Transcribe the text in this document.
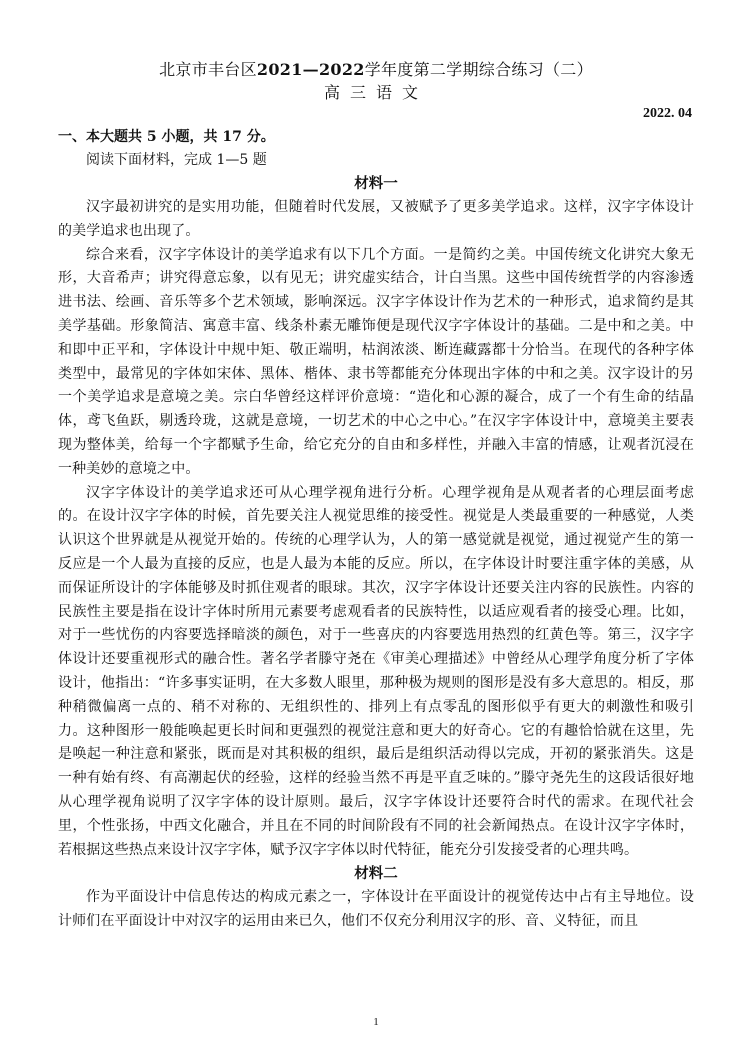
北京市丰台区2021—2022学年度第二学期综合练习（二）

高三语文

2022. 04

一、本大题共 5 小题，共 17 分。

阅读下面材料，完成 1—5 题

材料一

汉字最初讲究的是实用功能，但随着时代发展，又被赋予了更多美学追求。这样，汉字字体设计的美学追求也出现了。

综合来看，汉字字体设计的美学追求有以下几个方面。一是简约之美。中国传统文化讲究大象无形，大音希声；讲究得意忘象，以有见无；讲究虚实结合，计白当黑。这些中国传统哲学的内容渗透进书法、绘画、音乐等多个艺术领域，影响深远。汉字字体设计作为艺术的一种形式，追求简约是其美学基础。形象简洁、寓意丰富、线条朴素无雕饰便是现代汉字字体设计的基础。二是中和之美。中和即中正平和，字体设计中规中矩、敬正端明，枯润浓淡、断连藏露都十分恰当。在现代的各种字体类型中，最常见的字体如宋体、黑体、楷体、隶书等都能充分体现出字体的中和之美。汉字设计的另一个美学追求是意境之美。宗白华曾经这样评价意境：“造化和心源的凝合，成了一个有生命的结晶体，鸢飞鱼跃，剔透玲珑，这就是意境，一切艺术的中心之中心。”在汉字字体设计中，意境美主要表现为整体美，给每一个字都赋予生命，给它充分的自由和多样性，并融入丰富的情感，让观者沉浸在一种美妙的意境之中。

汉字字体设计的美学追求还可从心理学视角进行分析。心理学视角是从观者者的心理层面考虑的。在设计汉字字体的时候，首先要关注人视觉思维的接受性。视觉是人类最重要的一种感觉，人类认识这个世界就是从视觉开始的。传统的心理学认为，人的第一感觉就是视觉，通过视觉产生的第一反应是一个人最为直接的反应，也是人最为本能的反应。所以，在字体设计时要注重字体的美感，从而保证所设计的字体能够及时抓住观者的眼球。其次，汉字字体设计还要关注内容的民族性。内容的民族性主要是指在设计字体时所用元素要考虑观看者的民族特性，以适应观看者的接受心理。比如，对于一些忧伤的内容要选择暗淡的颜色，对于一些喜庆的内容要选用热烈的红黄色等。第三，汉字字体设计还要重视形式的融合性。著名学者滕守尧在《审美心理描述》中曾经从心理学角度分析了字体设计，他指出：“许多事实证明，在大多数人眼里，那种极为规则的图形是没有多大意思的。相反，那种稍微偏离一点的、稍不对称的、无组织性的、排列上有点零乱的图形似乎有更大的刺激性和吸引力。这种图形一般能唤起更长时间和更强烈的视觉注意和更大的好奇心。它的有趣恰恰就在这里，先是唤起一种注意和紧张，既而是对其积极的组织，最后是组织活动得以完成，开初的紧张消失。这是一种有始有终、有高潮起伏的经验，这样的经验当然不再是平直乏味的。”滕守尧先生的这段话很好地从心理学视角说明了汉字字体的设计原则。最后，汉字字体设计还要符合时代的需求。在现代社会里，个性张扬，中西文化融合，并且在不同的时间阶段有不同的社会新闻热点。在设计汉字字体时，若根据这些热点来设计汉字字体，赋予汉字字体以时代特征，能充分引发接受者的心理共鸣。

材料二

作为平面设计中信息传达的构成元素之一，字体设计在平面设计的视觉传达中占有主导地位。设计师们在平面设计中对汉字的运用由来已久，他们不仅充分利用汉字的形、音、义特征，而且

1
